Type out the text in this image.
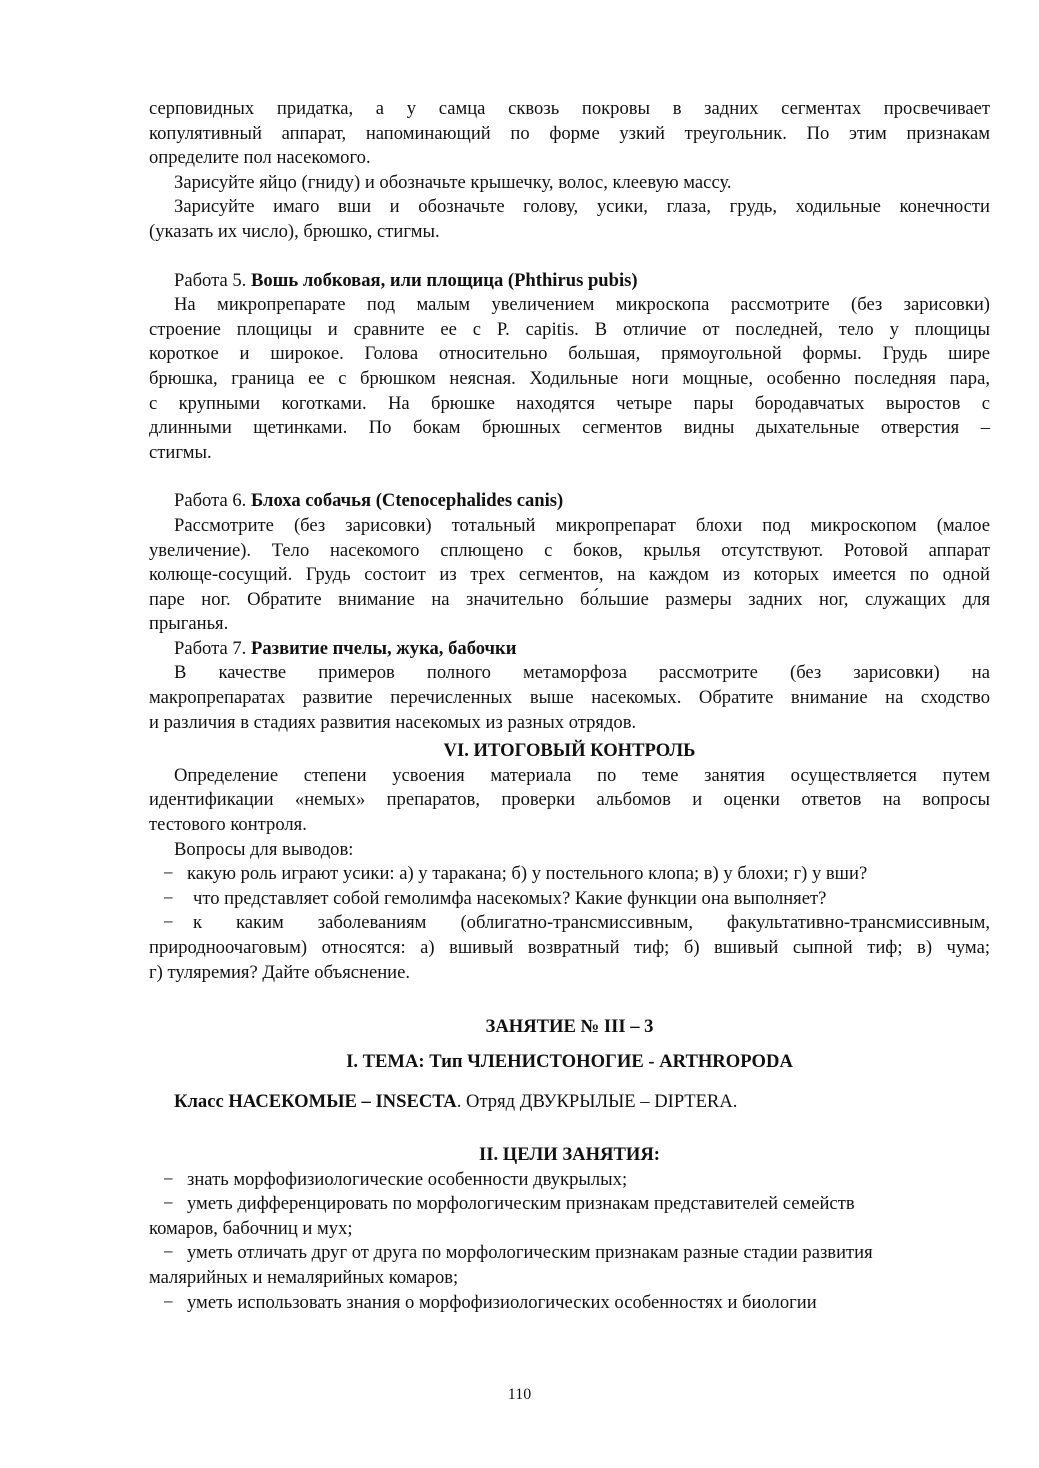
серповидных придатка, а у самца сквозь покровы в задних сегментах просвечивает

копулятивный аппарат, напоминающий по форме узкий треугольник. По этим признакам

определите пол насекомого.

Зарисуйте яйцо (гниду) и обозначьте крышечку, волос, клеевую массу.

Зарисуйте имаго вши и обозначьте голову, усики, глаза, грудь, ходильные конечности

(указать их число), брюшко, стигмы.

Работа 5. Вошь лобковая, или площица (Phthirus pubis)

На микропрепарате под малым увеличением микроскопа рассмотрите (без зарисовки)

строение площицы и сравните ее с P. capitis. В отличие от последней, тело у площицы

короткое и широкое. Голова относительно большая, прямоугольной формы. Грудь шире

брюшка, граница ее с брюшком неясная. Ходильные ноги мощные, особенно последняя пара,

с крупными коготками. На брюшке находятся четыре пары бородавчатых выростов с

длинными щетинками. По бокам брюшных сегментов видны дыхательные отверстия –

стигмы.

Работа 6. Блоха собачья (Ctenocephalides canis)

Рассмотрите (без зарисовки) тотальный микропрепарат блохи под микроскопом (малое

увеличение). Тело насекомого сплющено с боков, крылья отсутствуют. Ротовой аппарат

колюще-сосущий. Грудь состоит из трех сегментов, на каждом из которых имеется по одной

паре ног. Обратите внимание на значительно бо́льшие размеры задних ног, служащих для

прыганья.

Работа 7. Развитие пчелы, жука, бабочки

В качестве примеров полного метаморфоза рассмотрите (без зарисовки) на

макропрепаратах развитие перечисленных выше насекомых. Обратите внимание на сходство

и различия в стадиях развития насекомых из разных отрядов.

VI. ИТОГОВЫЙ КОНТРОЛЬ

Определение степени усвоения материала по теме занятия осуществляется путем

идентификации «немых» препаратов, проверки альбомов и оценки ответов на вопросы

тестового контроля.

Вопросы для выводов:

− какую роль играют усики: а) у таракана; б) у постельного клопа; в) у блохи; г) у вши?

− что представляет собой гемолимфа насекомых? Какие функции она выполняет?

− к каким заболеваниям (облигатно-трансмиссивным, факультативно-трансмиссивным,

природноочаговым) относятся: а) вшивый возвратный тиф; б) вшивый сыпной тиф; в) чума;

г) туляремия? Дайте объяснение.

ЗАНЯТИЕ № III – 3

I. ТЕМА: Тип ЧЛЕНИСТОНОГИЕ - ARTHROPODA

Класс НАСЕКОМЫЕ – INSECTA. Отряд ДВУКРЫЛЫЕ – DIPTERA.

II. ЦЕЛИ ЗАНЯТИЯ:

− знать морфофизиологические особенности двукрылых;

− уметь дифференцировать по морфологическим признакам представителей семейств

комаров, бабочниц и мух;

− уметь отличать друг от друга по морфологическим признакам разные стадии развития

малярийных и немалярийных комаров;

− уметь использовать знания о морфофизиологических особенностях и биологии

110
